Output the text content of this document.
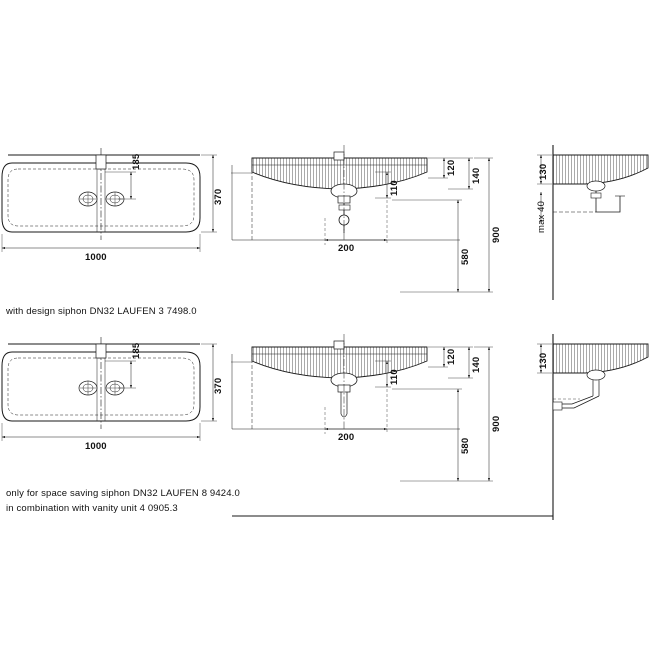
185
1000
370
120 140
110
200
580
900
130
max 40
185
1000
370
120 140
110
200
580
900
130
with design siphon DN32 LAUFEN 3 7498.0
only for space saving siphon DN32 LAUFEN 8 9424.0
in combination with vanity unit 4 0905.3
